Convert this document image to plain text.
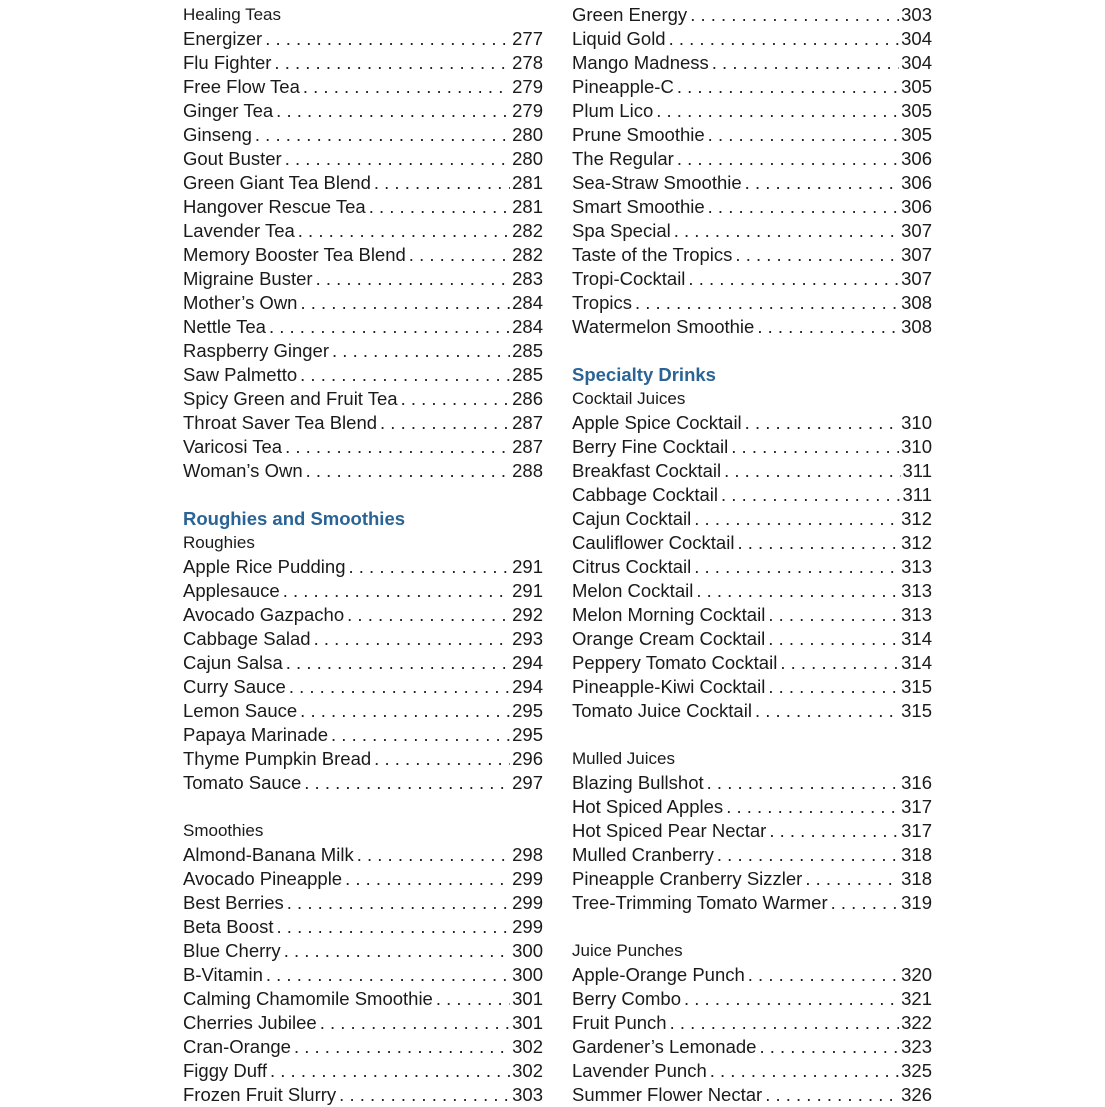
Healing Teas
Energizer . . .	277
Flu Fighter . . .	278
Free Flow Tea . . .	279
Ginger Tea . . .	279
Ginseng . . .	280
Gout Buster . . .	280
Green Giant Tea Blend . . .	281
Hangover Rescue Tea . . .	281
Lavender Tea . . .	282
Memory Booster Tea Blend . . .	282
Migraine Buster . . .	283
Mother’s Own . . .	284
Nettle Tea . . .	284
Raspberry Ginger . . .	285
Saw Palmetto . . .	285
Spicy Green and Fruit Tea . . .	286
Throat Saver Tea Blend . . .	287
Varicosi Tea . . .	287
Woman’s Own . . .	288
Roughies and Smoothies
Roughies
Apple Rice Pudding . . .	291
Applesauce . . .	291
Avocado Gazpacho . . .	292
Cabbage Salad . . .	293
Cajun Salsa . . .	294
Curry Sauce . . .	294
Lemon Sauce . . .	295
Papaya Marinade . . .	295
Thyme Pumpkin Bread . . .	296
Tomato Sauce . . .	297
Smoothies
Almond-Banana Milk . . .	298
Avocado Pineapple . . .	299
Best Berries . . .	299
Beta Boost . . .	299
Blue Cherry . . .	300
B-Vitamin . . .	300
Calming Chamomile Smoothie . . .	301
Cherries Jubilee . . .	301
Cran-Orange . . .	302
Figgy Duff . . .	302
Frozen Fruit Slurry . . .	303
Green Energy . . .	303
Liquid Gold . . .	304
Mango Madness . . .	304
Pineapple-C . . .	305
Plum Lico . . .	305
Prune Smoothie . . .	305
The Regular . . .	306
Sea-Straw Smoothie . . .	306
Smart Smoothie . . .	306
Spa Special . . .	307
Taste of the Tropics . . .	307
Tropi-Cocktail . . .	307
Tropics . . .	308
Watermelon Smoothie . . .	308
Specialty Drinks
Cocktail Juices
Apple Spice Cocktail . . .	310
Berry Fine Cocktail . . .	310
Breakfast Cocktail . . .	311
Cabbage Cocktail . . .	311
Cajun Cocktail . . .	312
Cauliflower Cocktail . . .	312
Citrus Cocktail . . .	313
Melon Cocktail . . .	313
Melon Morning Cocktail . . .	313
Orange Cream Cocktail . . .	314
Peppery Tomato Cocktail . . .	314
Pineapple-Kiwi Cocktail . . .	315
Tomato Juice Cocktail . . .	315
Mulled Juices
Blazing Bullshot . . .	316
Hot Spiced Apples . . .	317
Hot Spiced Pear Nectar . . .	317
Mulled Cranberry . . .	318
Pineapple Cranberry Sizzler . . .	318
Tree-Trimming Tomato Warmer . . .	319
Juice Punches
Apple-Orange Punch . . .	320
Berry Combo . . .	321
Fruit Punch . . .	322
Gardener’s Lemonade . . .	323
Lavender Punch . . .	325
Summer Flower Nectar . . .	326
